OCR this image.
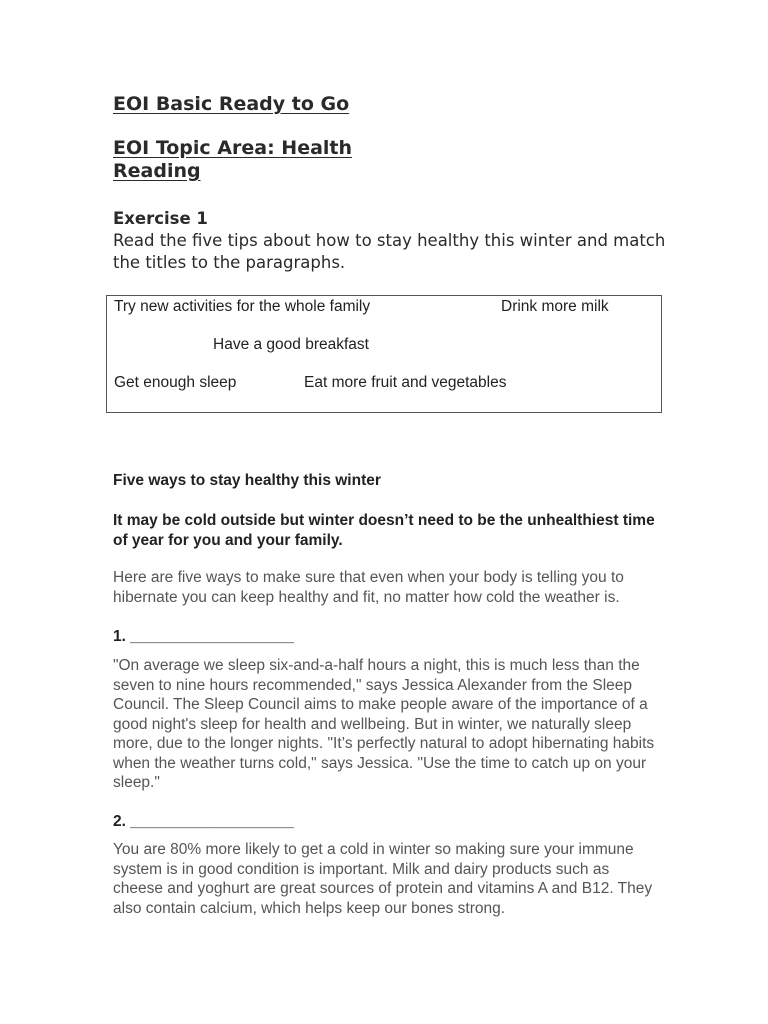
EOI Basic Ready to Go
EOI Topic Area: Health
Reading
Exercise 1
Read the five tips about how to stay healthy this winter and match the titles to the paragraphs.
Try new activities for the whole family	Drink more milk
Have a good breakfast
Get enough sleep	Eat more fruit and vegetables

Five ways to stay healthy this winter

It may be cold outside but winter doesn’t need to be the unhealthiest time of year for you and your family.

Here are five ways to make sure that even when your body is telling you to hibernate you can keep healthy and fit, no matter how cold the weather is.

1. ___________________

"On average we sleep six-and-a-half hours a night, this is much less than the seven to nine hours recommended," says Jessica Alexander from the Sleep Council. The Sleep Council aims to make people aware of the importance of a good night's sleep for health and wellbeing. But in winter, we naturally sleep more, due to the longer nights. "It’s perfectly natural to adopt hibernating habits when the weather turns cold," says Jessica. "Use the time to catch up on your sleep."

2. ___________________

You are 80% more likely to get a cold in winter so making sure your immune system is in good condition is important. Milk and dairy products such as cheese and yoghurt are great sources of protein and vitamins A and B12. They also contain calcium, which helps keep our bones strong.
